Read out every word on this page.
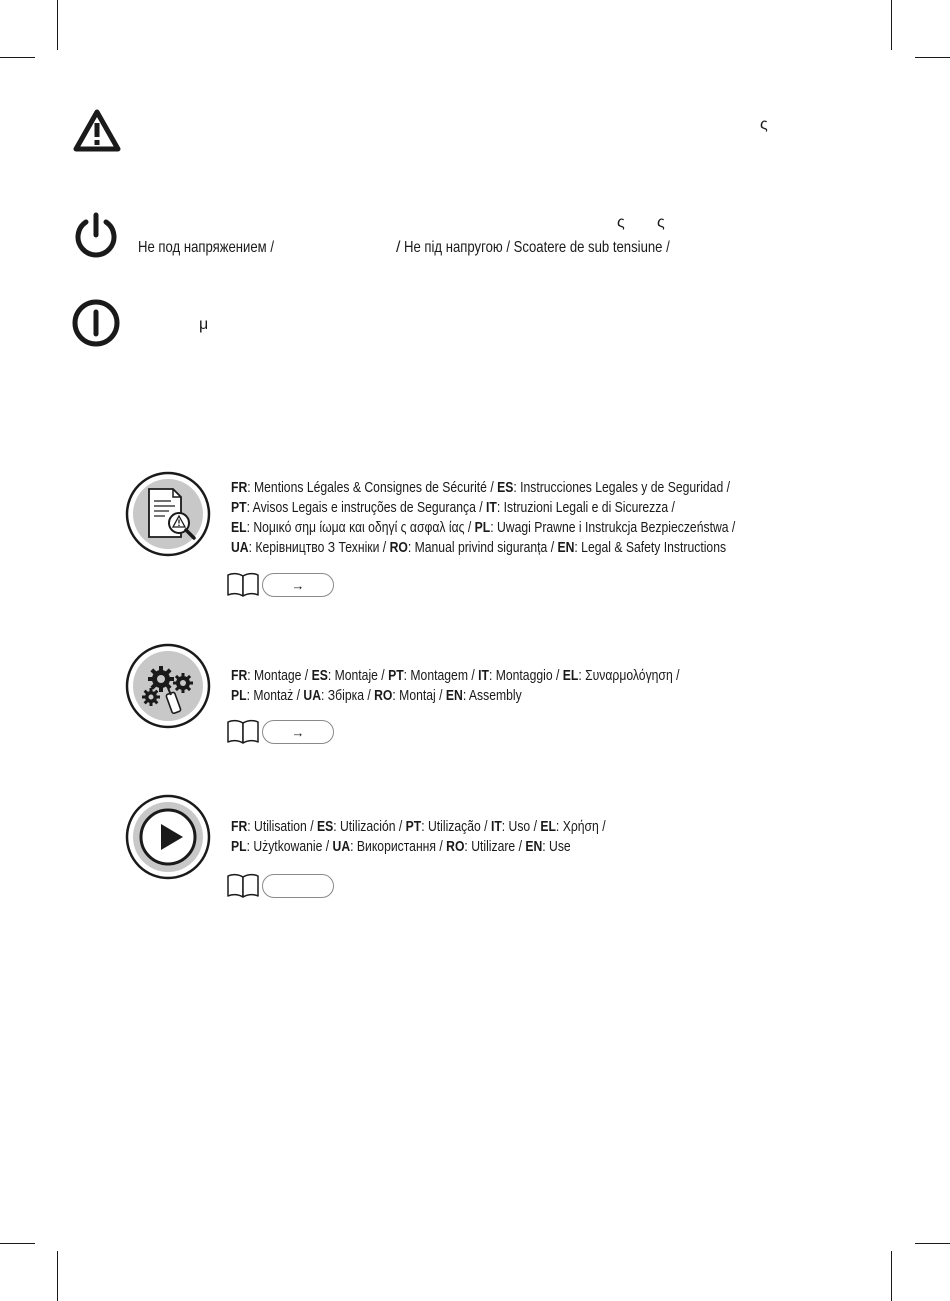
ς
ς ς
Не под напряжением /	/ Не під напругою / Scoatere de sub tensiune /
μ
FR: Mentions Légales & Consignes de Sécurité / ES: Instrucciones Legales y de Seguridad /
PT: Avisos Legais e instruções de Segurança / IT: Istruzioni Legali e di Sicurezza /
EL: Νομικό σημ ίωμα και οδηγί ς ασφαλ ίας / PL: Uwagi Prawne i Instrukcja Bezpieczeństwa /
UA: Керівництво З Техніки / RO: Manual privind siguranța / EN: Legal & Safety Instructions
→
FR: Montage / ES: Montaje / PT: Montagem / IT: Montaggio / EL: Συναρμολόγηση /
PL: Montaż / UA: Збірка / RO: Montaj / EN: Assembly
→
FR: Utilisation / ES: Utilización / PT: Utilização / IT: Uso / EL: Χρήση /
PL: Użytkowanie / UA: Використання / RO: Utilizare / EN: Use
